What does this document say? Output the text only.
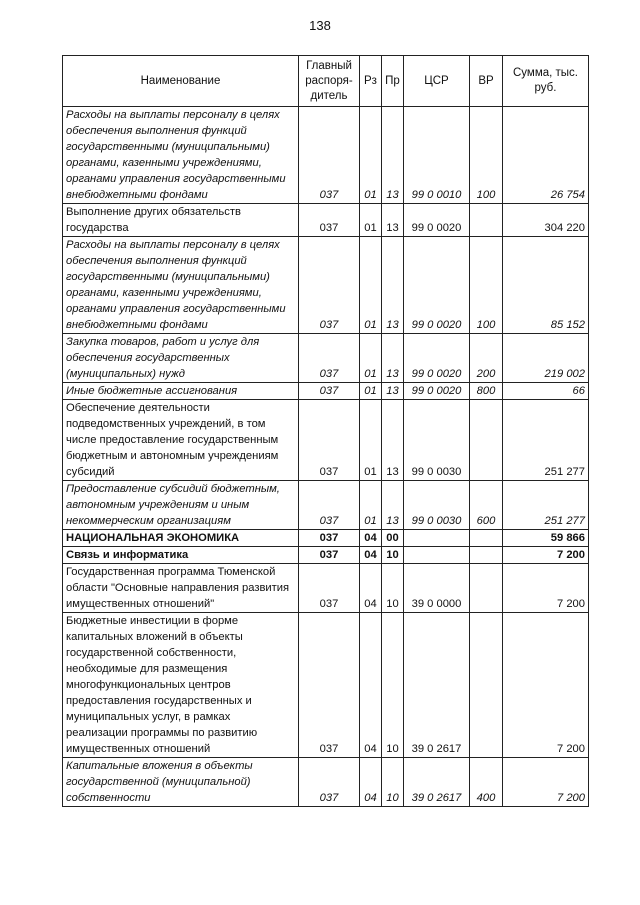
138
Наименование	Главный распоря-дитель	Рз	Пр	ЦСР	ВР	Сумма, тыс. руб.
Расходы на выплаты персоналу в целях обеспечения выполнения функций государственными (муниципальными) органами, казенными учреждениями, органами управления государственными внебюджетными фондами	037	01	13	99 0 0010	100	26 754
Выполнение других обязательств государства	037	01	13	99 0 0020		304 220
Расходы на выплаты персоналу в целях обеспечения выполнения функций государственными (муниципальными) органами, казенными учреждениями, органами управления государственными внебюджетными фондами	037	01	13	99 0 0020	100	85 152
Закупка товаров, работ и услуг для обеспечения государственных (муниципальных) нужд	037	01	13	99 0 0020	200	219 002
Иные бюджетные ассигнования	037	01	13	99 0 0020	800	66
Обеспечение деятельности подведомственных учреждений, в том числе предоставление государственным бюджетным и автономным учреждениям субсидий	037	01	13	99 0 0030		251 277
Предоставление субсидий бюджетным, автономным учреждениям и иным некоммерческим организациям	037	01	13	99 0 0030	600	251 277
НАЦИОНАЛЬНАЯ ЭКОНОМИКА	037	04	00			59 866
Связь и информатика	037	04	10			7 200
Государственная программа Тюменской области "Основные направления развития имущественных отношений"	037	04	10	39 0 0000		7 200
Бюджетные инвестиции в форме капитальных вложений в объекты государственной собственности, необходимые для размещения многофункциональных центров предоставления государственных и муниципальных услуг, в рамках реализации программы по развитию имущественных отношений	037	04	10	39 0 2617		7 200
Капитальные вложения в объекты государственной (муниципальной) собственности	037	04	10	39 0 2617	400	7 200
